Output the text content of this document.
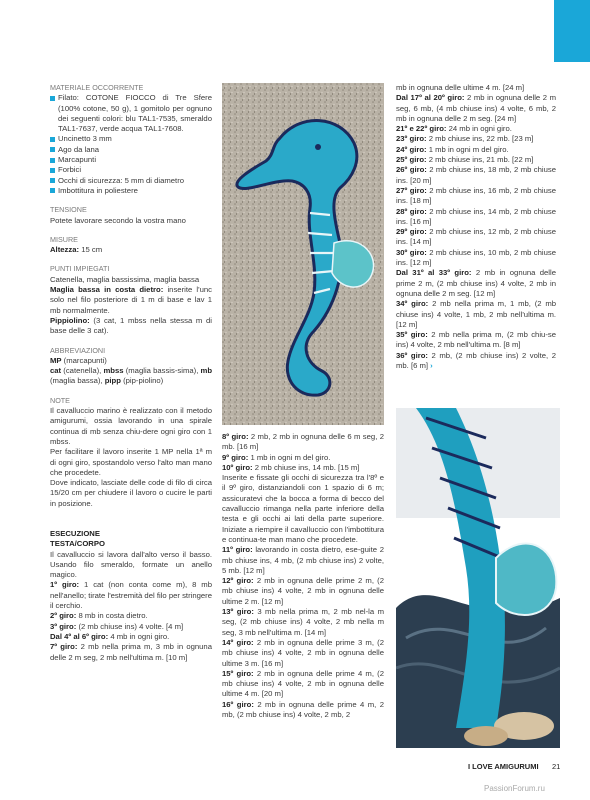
MATERIALE OCCORRENTE

Filato: COTONE FIOCCO di Tre Sfere (100% cotone, 50 g), 1 gomitolo per ognuno dei seguenti colori: blu TAL1-7535, smeraldo TAL1-7637, verde acqua TAL1-7608.

Uncinetto 3 mm

Ago da lana

Marcapunti

Forbici

Occhi di sicurezza: 5 mm di diametro

Imbottitura in poliestere

TENSIONE

Potete lavorare secondo la vostra mano

MISURE

Altezza: 15 cm

PUNTI IMPIEGATI

Catenella, maglia bassissima, maglia bassa

Maglia bassa in costa dietro: inserite l'unc solo nel filo posteriore di 1 m di base e lav 1 mb normalmente.

Pippiolino: (3 cat, 1 mbss nella stessa m di base delle 3 cat).

ABBREVIAZIONI

MP (marcapunti)
cat (catenella), mbss (maglia bassis-sima), mb (maglia bassa), pipp (pip-piolino)

NOTE

Il cavalluccio marino è realizzato con il metodo amigurumi, ossia lavorando in una spirale continua di mb senza chiu-dere ogni giro con 1 mbss.

Per facilitare il lavoro inserite 1 MP nella 1ª m di ogni giro, spostandolo verso l'alto man mano che procedete.

Dove indicato, lasciate delle code di filo di circa 15/20 cm per chiudere il lavoro o cucire le parti in posizione.

ESECUZIONE

TESTA/CORPO

Il cavalluccio si lavora dall'alto verso il basso. Usando filo smeraldo, formate un anello magico.

1º giro: 1 cat (non conta come m), 8 mb nell'anello; tirate l'estremità del filo per stringere il cerchio.

2º giro: 8 mb in costa dietro.

3º giro: (2 mb chiuse ins) 4 volte. [4 m]

Dal 4º al 6º giro: 4 mb in ogni giro.

7º giro: 2 mb nella prima m, 3 mb in ognuna delle 2 m seg, 2 mb nell'ultima m. [10 m]

8º giro: 2 mb, 2 mb in ognuna delle 6 m seg, 2 mb. [16 m]

9º giro: 1 mb in ogni m del giro.

10º giro: 2 mb chiuse ins, 14 mb. [15 m]

Inserite e fissate gli occhi di sicurezza tra l'8º e il 9º giro, distanziandoli con 1 spazio di 6 m; assicuratevi che la bocca a forma di becco del cavalluccio rimanga nella parte inferiore della testa e gli occhi ai lati della parte superiore. Iniziate a riempire il cavalluccio con l'imbottitura e continua-te man mano che procedete.

11º giro: lavorando in costa dietro, ese-guite 2 mb chiuse ins, 4 mb, (2 mb chiuse ins) 2 volte, 5 mb. [12 m]

12º giro: 2 mb in ognuna delle prime 2 m, (2 mb chiuse ins) 4 volte, 2 mb in ognuna delle ultime 2 m. [12 m]

13º giro: 3 mb nella prima m, 2 mb nel-la m seg, (2 mb chiuse ins) 4 volte, 2 mb nella m seg, 3 mb nell'ultima m. [14 m]

14º giro: 2 mb in ognuna delle prime 3 m, (2 mb chiuse ins) 4 volte, 2 mb in ognuna delle ultime 3 m. [16 m]

15º giro: 2 mb in ognuna delle prime 4 m, (2 mb chiuse ins) 4 volte, 2 mb in ognuna delle ultime 4 m. [20 m]

16º giro: 2 mb in ognuna delle prime 4 m, 2 mb, (2 mb chiuse ins) 4 volte, 2 mb, 2

mb in ognuna delle ultime 4 m. [24 m]

Dal 17º al 20º giro: 2 mb in ognuna delle 2 m seg, 6 mb, (4 mb chiuse ins) 4 volte, 6 mb, 2 mb in ognuna delle 2 m seg. [24 m]

21º e 22º giro: 24 mb in ogni giro.

23º giro: 2 mb chiuse ins, 22 mb. [23 m]

24º giro: 1 mb in ogni m del giro.

25º giro: 2 mb chiuse ins, 21 mb. [22 m]

26º giro: 2 mb chiuse ins, 18 mb, 2 mb chiuse ins. [20 m]

27º giro: 2 mb chiuse ins, 16 mb, 2 mb chiuse ins. [18 m]

28º giro: 2 mb chiuse ins, 14 mb, 2 mb chiuse ins. [16 m]

29º giro: 2 mb chiuse ins, 12 mb, 2 mb chiuse ins. [14 m]

30º giro: 2 mb chiuse ins, 10 mb, 2 mb chiuse ins. [12 m]

Dal 31º al 33º giro: 2 mb in ognuna delle prime 2 m, (2 mb chiuse ins) 4 volte, 2 mb in ognuna delle 2 m seg. [12 m]

34º giro: 2 mb nella prima m, 1 mb, (2 mb chiuse ins) 4 volte, 1 mb, 2 mb nell'ultima m. [12 m]

35º giro: 2 mb nella prima m, (2 mb chiu-se ins) 4 volte, 2 mb nell'ultima m. [8 m]

36º giro: 2 mb, (2 mb chiuse ins) 2 volte, 2 mb. [6 m] ›

I LOVE AMIGURUMI 21
PassionForum.ru
